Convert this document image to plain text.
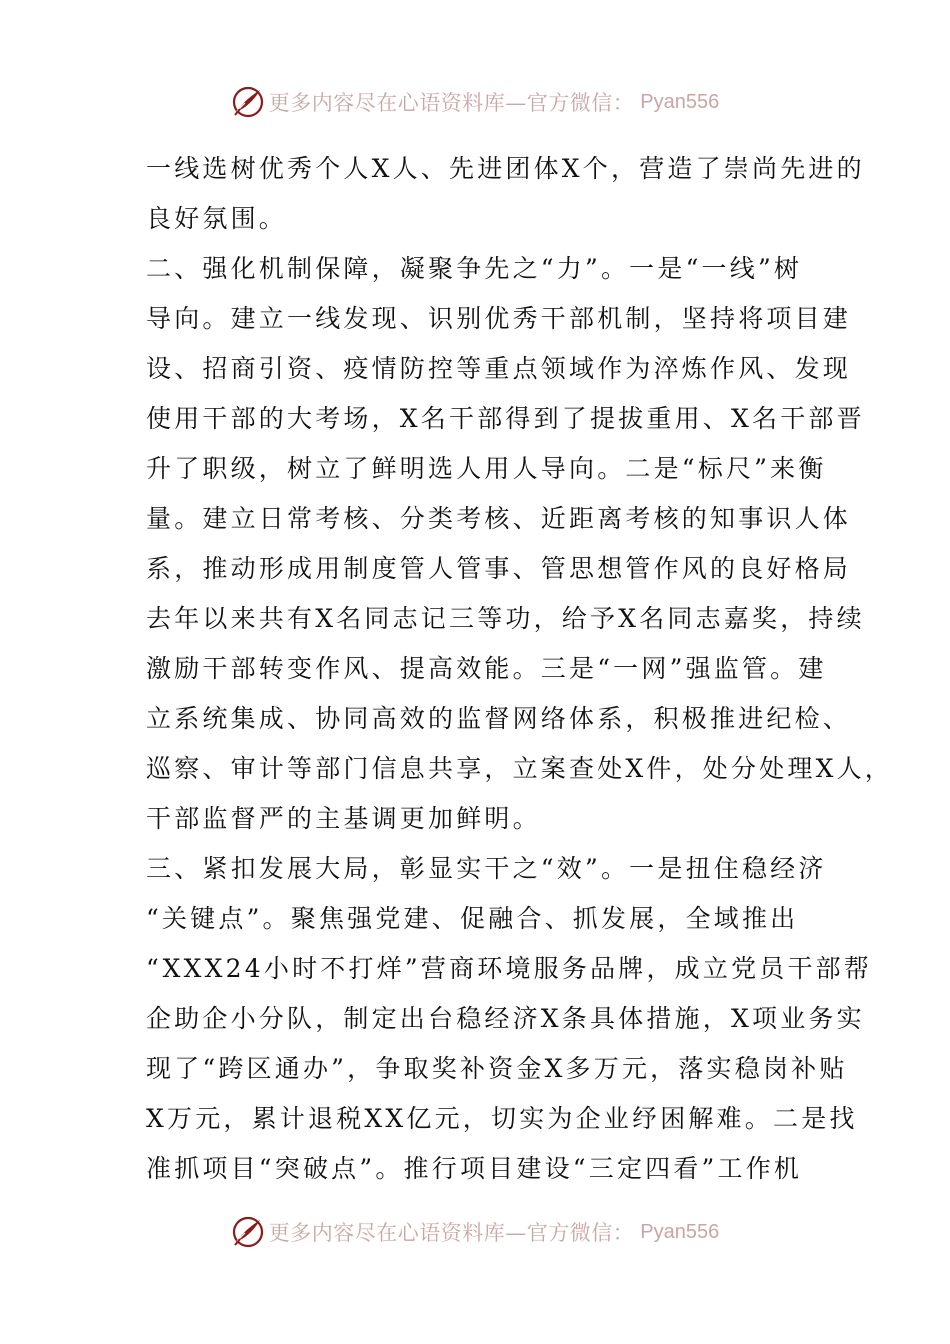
更多内容尽在心语资料库—官方微信： Pyan556
一线选树优秀个人X人、先进团体X个，营造了崇尚先进的
良好氛围。
二、强化机制保障，凝聚争先之“力”。一是“一线”树
导向。建立一线发现、识别优秀干部机制，坚持将项目建
设、招商引资、疫情防控等重点领域作为淬炼作风、发现
使用干部的大考场，X名干部得到了提拔重用、X名干部晋
升了职级，树立了鲜明选人用人导向。二是“标尺”来衡
量。建立日常考核、分类考核、近距离考核的知事识人体
系，推动形成用制度管人管事、管思想管作风的良好格局
去年以来共有X名同志记三等功，给予X名同志嘉奖，持续
激励干部转变作风、提高效能。三是“一网”强监管。建
立系统集成、协同高效的监督网络体系，积极推进纪检、
巡察、审计等部门信息共享，立案查处X件，处分处理X人，
干部监督严的主基调更加鲜明。
三、紧扣发展大局，彰显实干之“效”。一是扭住稳经济
“关键点”。聚焦强党建、促融合、抓发展，全域推出
“XXX24小时不打烊”营商环境服务品牌，成立党员干部帮
企助企小分队，制定出台稳经济X条具体措施，X项业务实
现了“跨区通办”，争取奖补资金X多万元，落实稳岗补贴
X万元，累计退税XX亿元，切实为企业纾困解难。二是找
准抓项目“突破点”。推行项目建设“三定四看”工作机
更多内容尽在心语资料库—官方微信： Pyan556
